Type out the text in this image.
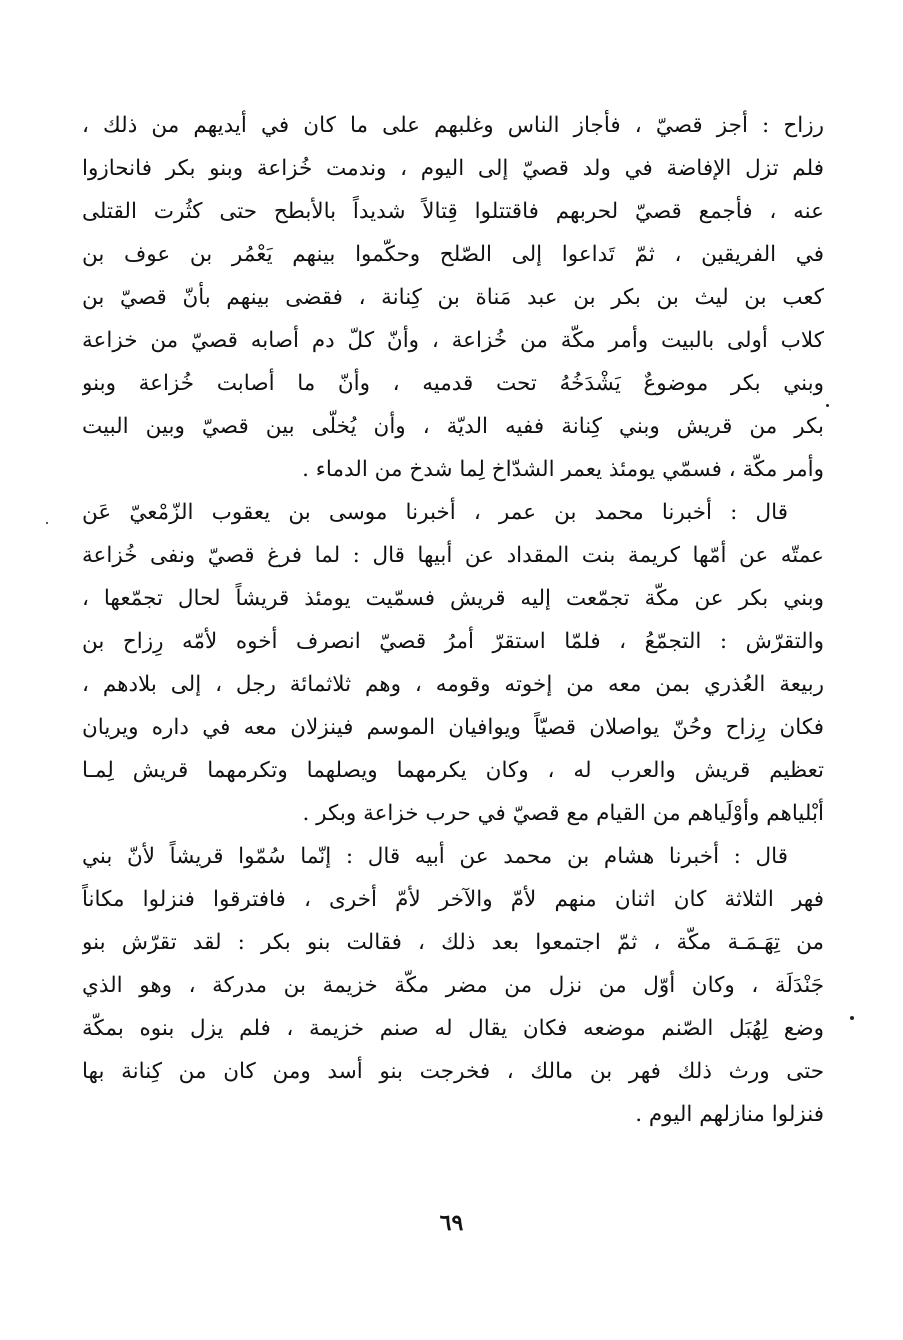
رزاح : أجز قصيّ ، فأجاز الناس وغلبهم على ما كان في أيديهم من ذلك ،
فلم تزل الإفاضة في ولد قصيّ إلى اليوم ، وندمت خُزاعة وبنو بكر فانحازوا
عنه ، فأجمع قصيّ لحربهم فاقتتلوا قِتالاً شديداً بالأبطح حتى كثُرت القتلى
في الفريقين ، ثمّ تَداعوا إلى الصّلح وحكّموا بينهم يَعْمُر بن عوف بن
كعب بن ليث بن بكر بن عبد مَناة بن كِنانة ، فقضى بينهم بأنّ قصيّ بن
كلاب أولى بالبيت وأمر مكّة من خُزاعة ، وأنّ كلّ دم أصابه قصيّ من خزاعة
وبني بكر موضوعٌ يَشْدَخُهُ تحت قدميه ، وأنّ ما أصابت خُزاعة وبنو
بكر من قريش وبني كِنانة ففيه الديّة ، وأن يُخلّى بين قصيّ وبين البيت
وأمر مكّة ، فسمّي يومئذ يعمر الشدّاخ لِما شدخ من الدماء .
قال : أخبرنا محمد بن عمر ، أخبرنا موسى بن يعقوب الزّمْعيّ عَن
عمتّه عن أمّها كريمة بنت المقداد عن أبيها قال : لما فرغ قصيّ ونفى خُزاعة
وبني بكر عن مكّة تجمّعت إليه قريش فسمّيت يومئذ قريشاً لحال تجمّعها ،
والتقرّش : التجمّعُ ، فلمّا استقرّ أمرُ قصيّ انصرف أخوه لأمّه رِزاح بن
ربيعة العُذري بمن معه من إخوته وقومه ، وهم ثلاثمائة رجل ، إلى بلادهم ،
فكان رِزاح وحُنّ يواصلان قصيّاً ويوافيان الموسم فينزلان معه في داره ويريان
تعظيم قريش والعرب له ، وكان يكرمهما ويصلهما وتكرمهما قريش لِمـا
أبْلياهم وأوْلَياهم من القيام مع قصيّ في حرب خزاعة وبكر .
قال : أخبرنا هشام بن محمد عن أبيه قال : إنّما سُمّوا قريشاً لأنّ بني
فهر الثلاثة كان اثنان منهم لأمّ والآخر لأمّ أخرى ، فافترقوا فنزلوا مكاناً
من تِهَـمَـة مكّة ، ثمّ اجتمعوا بعد ذلك ، فقالت بنو بكر : لقد تقرّش بنو
جَنْدَلَة ، وكان أوّل من نزل من مضر مكّة خزيمة بن مدركة ، وهو الذي
وضع لِهُبَل الصّنم موضعه فكان يقال له صنم خزيمة ، فلم يزل بنوه بمكّة
حتى ورث ذلك فهر بن مالك ، فخرجت بنو أسد ومن كان من كِنانة بها
فنزلوا منازلهم اليوم .
٦٩
